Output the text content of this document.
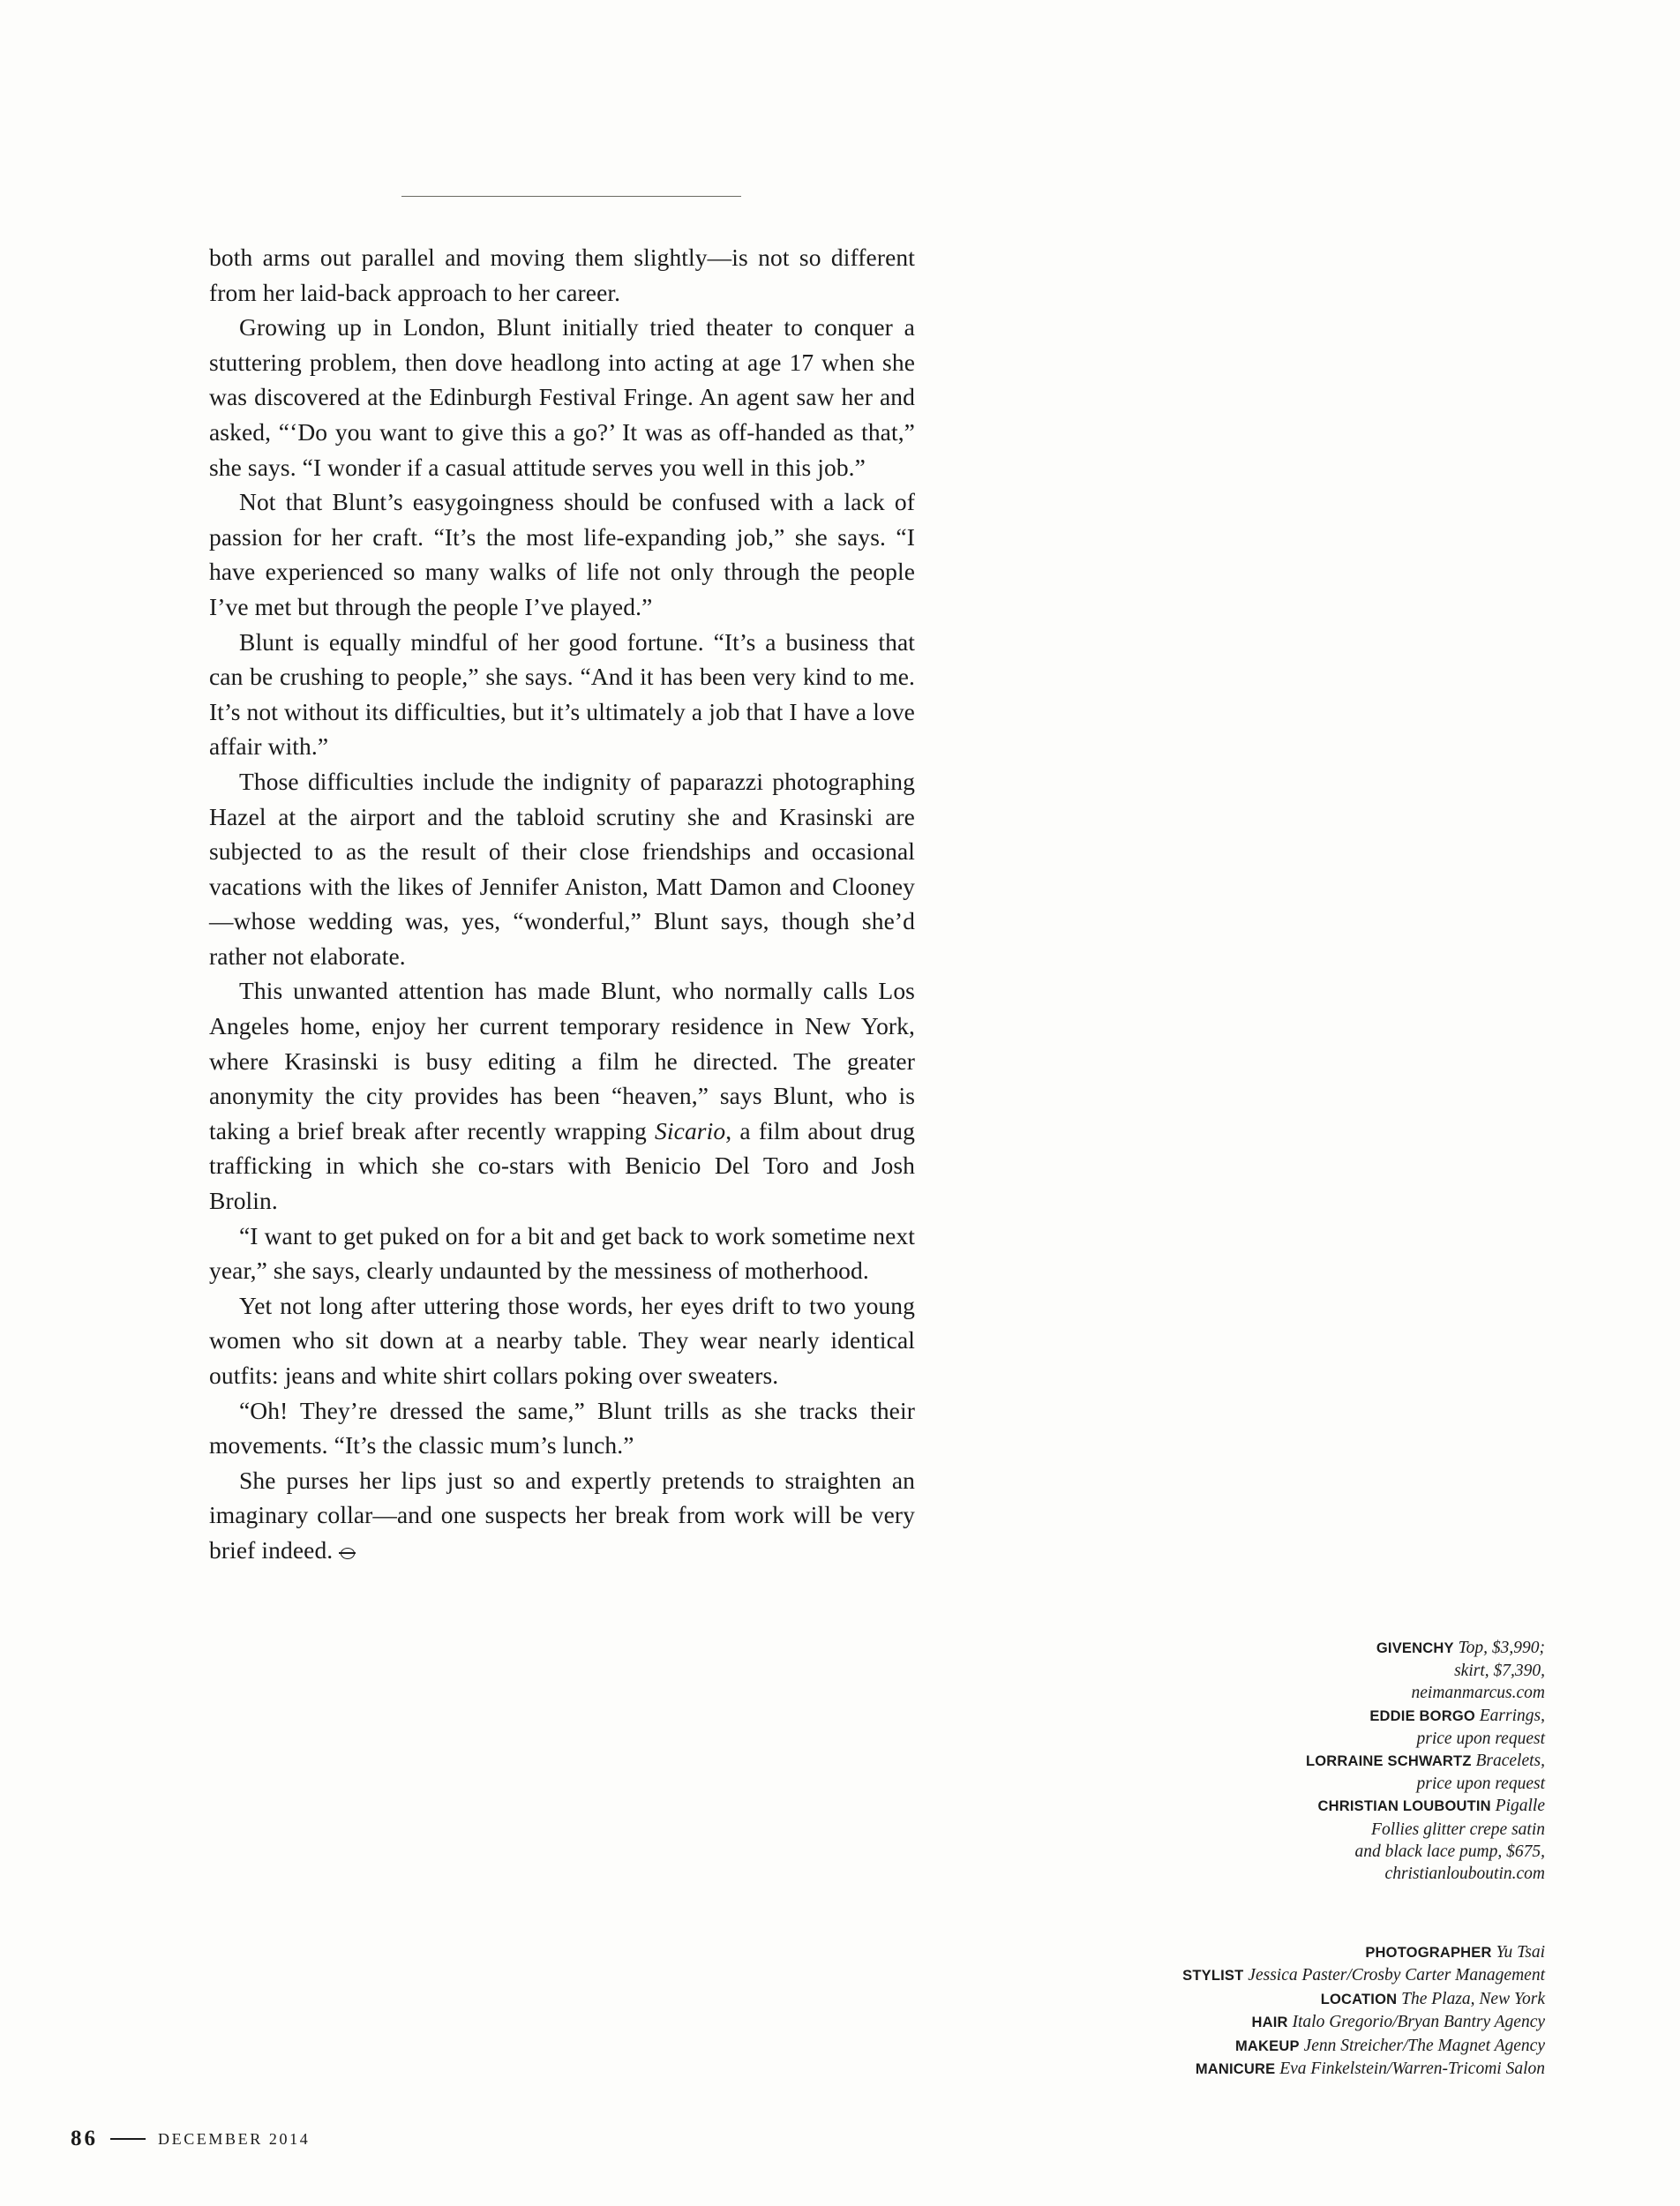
both arms out parallel and moving them slightly—is not so different from her laid-back approach to her career.

Growing up in London, Blunt initially tried theater to conquer a stuttering problem, then dove headlong into acting at age 17 when she was discovered at the Edinburgh Festival Fringe. An agent saw her and asked, “‘Do you want to give this a go?’ It was as off-handed as that,” she says. “I wonder if a casual attitude serves you well in this job.”

Not that Blunt’s easygoingness should be confused with a lack of passion for her craft. “It’s the most life-expanding job,” she says. “I have experienced so many walks of life not only through the people I’ve met but through the people I’ve played.”

Blunt is equally mindful of her good fortune. “It’s a business that can be crushing to people,” she says. “And it has been very kind to me. It’s not without its difficulties, but it’s ultimately a job that I have a love affair with.”

Those difficulties include the indignity of paparazzi photographing Hazel at the airport and the tabloid scrutiny she and Krasinski are subjected to as the result of their close friendships and occasional vacations with the likes of Jennifer Aniston, Matt Damon and Clooney—whose wedding was, yes, “wonderful,” Blunt says, though she’d rather not elaborate.

This unwanted attention has made Blunt, who normally calls Los Angeles home, enjoy her current temporary residence in New York, where Krasinski is busy editing a film he directed. The greater anonymity the city provides has been “heaven,” says Blunt, who is taking a brief break after recently wrapping Sicario, a film about drug trafficking in which she co-stars with Benicio Del Toro and Josh Brolin.

“I want to get puked on for a bit and get back to work sometime next year,” she says, clearly undaunted by the messiness of motherhood.

Yet not long after uttering those words, her eyes drift to two young women who sit down at a nearby table. They wear nearly identical outfits: jeans and white shirt collars poking over sweaters.

“Oh! They’re dressed the same,” Blunt trills as she tracks their movements. “It’s the classic mum’s lunch.”

She purses her lips just so and expertly pretends to straighten an imaginary collar—and one suspects her break from work will be very brief indeed.

GIVENCHY Top, $3,990;
skirt, $7,390,
neimanmarcus.com
EDDIE BORGO Earrings,
price upon request
LORRAINE SCHWARTZ Bracelets,
price upon request
CHRISTIAN LOUBOUTIN Pigalle
Follies glitter crepe satin
and black lace pump, $675,
christianlouboutin.com
PHOTOGRAPHER Yu Tsai
STYLIST Jessica Paster/Crosby Carter Management
LOCATION The Plaza, New York
HAIR Italo Gregorio/Bryan Bantry Agency
MAKEUP Jenn Streicher/The Magnet Agency
MANICURE Eva Finkelstein/Warren-Tricomi Salon
86	DECEMBER 2014
